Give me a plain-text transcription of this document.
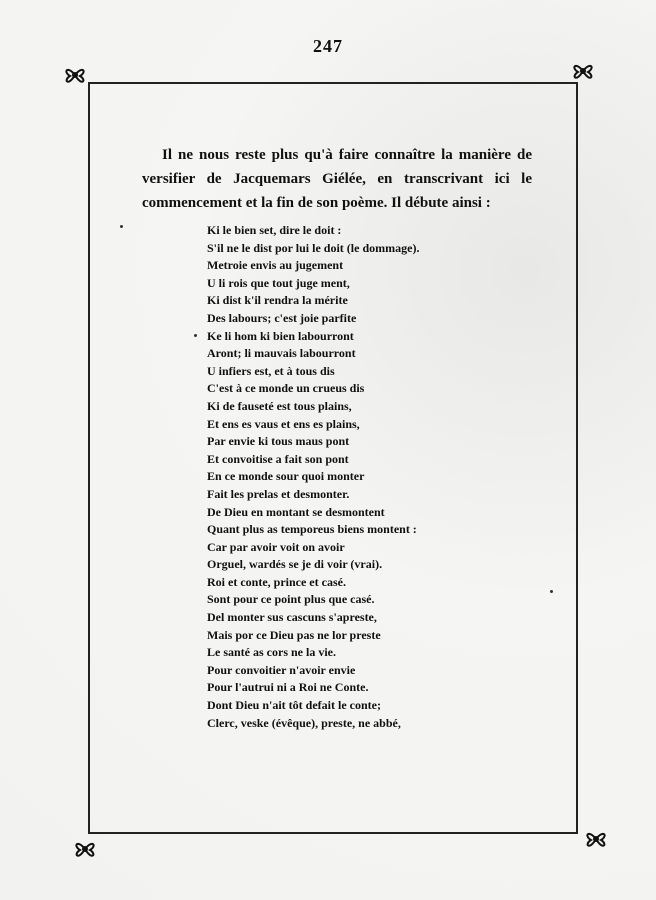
247

Il ne nous reste plus qu'à faire connaître la manière de versifier de Jacquemars Giélée, en transcrivant ici le commencement et la fin de son poème. Il débute ainsi :

Ki le bien set, dire le doit :
S'il ne le dist por lui le doit (le dommage).
Metroie envis au jugement
U li rois que tout juge ment,
Ki dist k'il rendra la mérite
Des labours; c'est joie parfite
Ke li hom ki bien labourront
Aront; li mauvais labourront
U infiers est, et à tous dis
C'est à ce monde un crueus dis
Ki de fauseté est tous plains,
Et ens es vaus et ens es plains,
Par envie ki tous maus pont
Et convoitise a fait son pont
En ce monde sour quoi monter
Fait les prelas et desmonter.
De Dieu en montant se desmontent
Quant plus as temporeus biens montent :
Car par avoir voit on avoir
Orguel, wardés se je di voir (vrai).
Roi et conte, prince et casé.
Sont pour ce point plus que casé.
Del monter sus cascuns s'apreste,
Mais por ce Dieu pas ne lor preste
Le santé as cors ne la vie.
Pour convoitier n'avoir envie
Pour l'autrui ni a Roi ne Conte.
Dont Dieu n'ait tôt defait le conte;
Clerc, veske (évêque), preste, ne abbé,
